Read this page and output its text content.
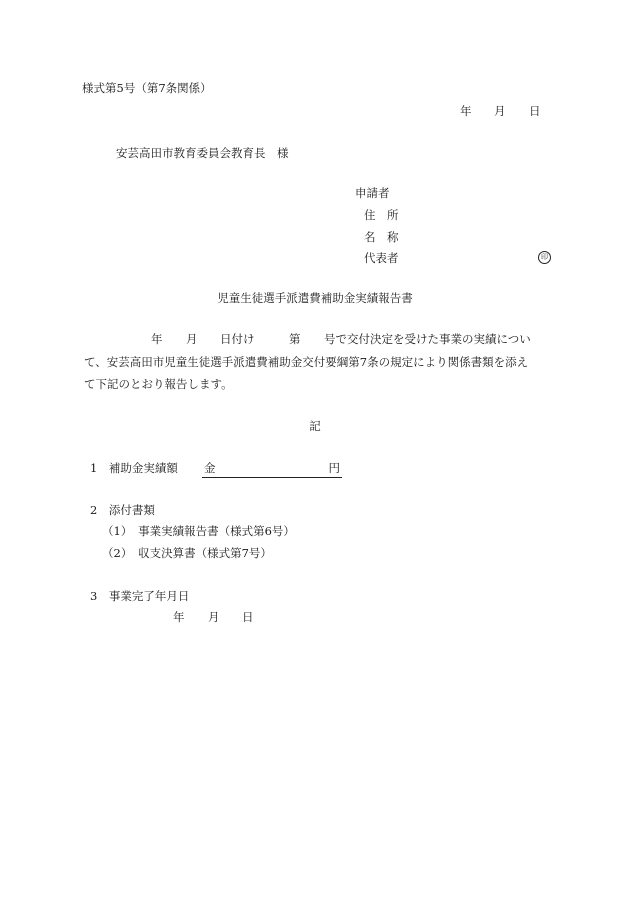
様式第5号（第7条関係）
年 月 日
安芸高田市教育委員会教育長　様
申請者
住　所
名　称
代表者	印
児童生徒選手派遣費補助金実績報告書
年 月 日付け	第 号で交付決定を受けた事業の実績につい
て、安芸高田市児童生徒選手派遣費補助金交付要綱第7条の規定により関係書類を添え
て下記のとおり報告します。
記
1　補助金実績額 金	円
2　添付書類
（1）　事業実績報告書（様式第6号）
（2）　収支決算書（様式第7号）
3　事業完了年月日
年 月 日
